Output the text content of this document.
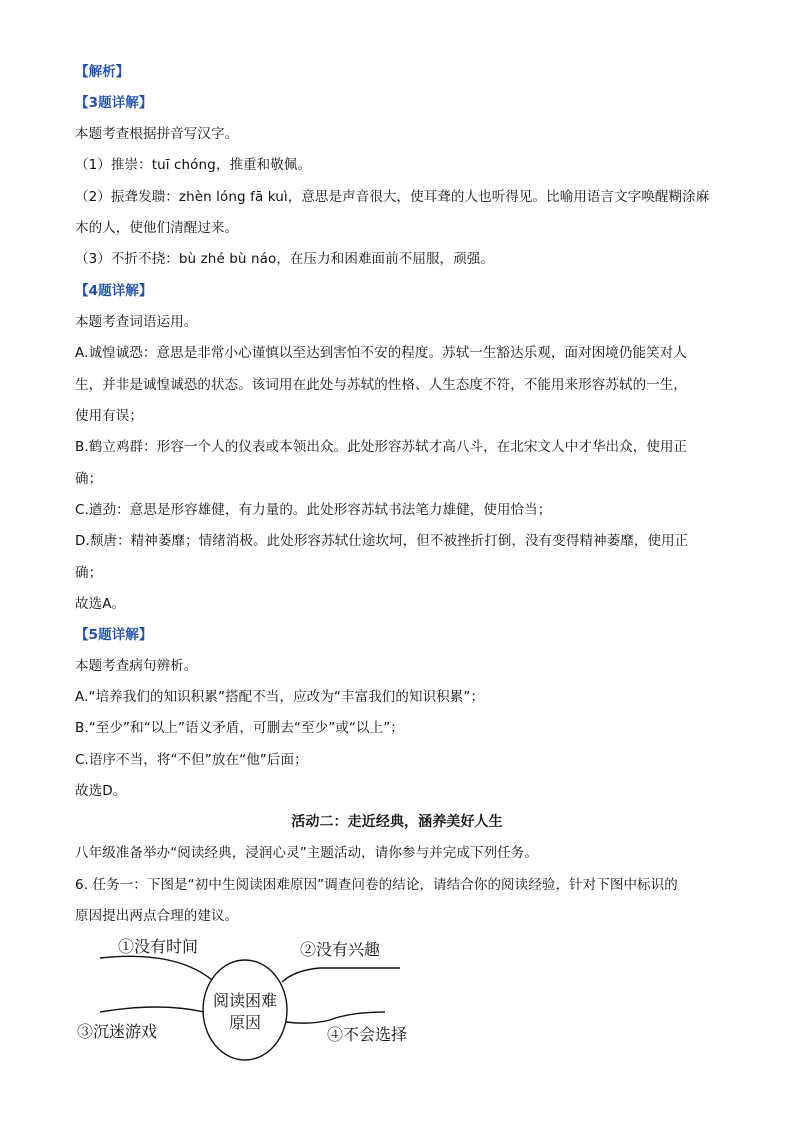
【解析】
【3题详解】
本题考查根据拼音写汉字。
（1）推崇：tuī chóng，推重和敬佩。
（2）振聋发聩：zhèn lóng fā kuì，意思是声音很大，使耳聋的人也听得见。比喻用语言文字唤醒糊涂麻
木的人，使他们清醒过来。
（3）不折不挠：bù zhé bù náo，在压力和困难面前不屈服，顽强。
【4题详解】
本题考查词语运用。
A.诚惶诚恐：意思是非常小心谨慎以至达到害怕不安的程度。苏轼一生豁达乐观，面对困境仍能笑对人
生，并非是诚惶诚恐的状态。该词用在此处与苏轼的性格、人生态度不符，不能用来形容苏轼的一生，
使用有误；
B.鹤立鸡群：形容一个人的仪表或本领出众。此处形容苏轼才高八斗，在北宋文人中才华出众，使用正
确；
C.遒劲：意思是形容雄健，有力量的。此处形容苏轼书法笔力雄健，使用恰当；
D.颓唐：精神萎靡；情绪消极。此处形容苏轼仕途坎坷，但不被挫折打倒，没有变得精神萎靡，使用正
确；
故选A。
【5题详解】
本题考查病句辨析。
A.“培养我们的知识积累”搭配不当，应改为“丰富我们的知识积累”；
B.“至少”和“以上”语义矛盾，可删去“至少”或“以上”；
C.语序不当，将“不但”放在“他”后面；
故选D。
活动二：走近经典，涵养美好人生
八年级准备举办“阅读经典，浸润心灵”主题活动，请你参与并完成下列任务。
6. 任务一：下图是“初中生阅读困难原因”调查问卷的结论，请结合你的阅读经验，针对下图中标识的
原因提出两点合理的建议。
①没有时间	②没有兴趣
③沉迷游戏	④不会选择
阅读困难
原因
